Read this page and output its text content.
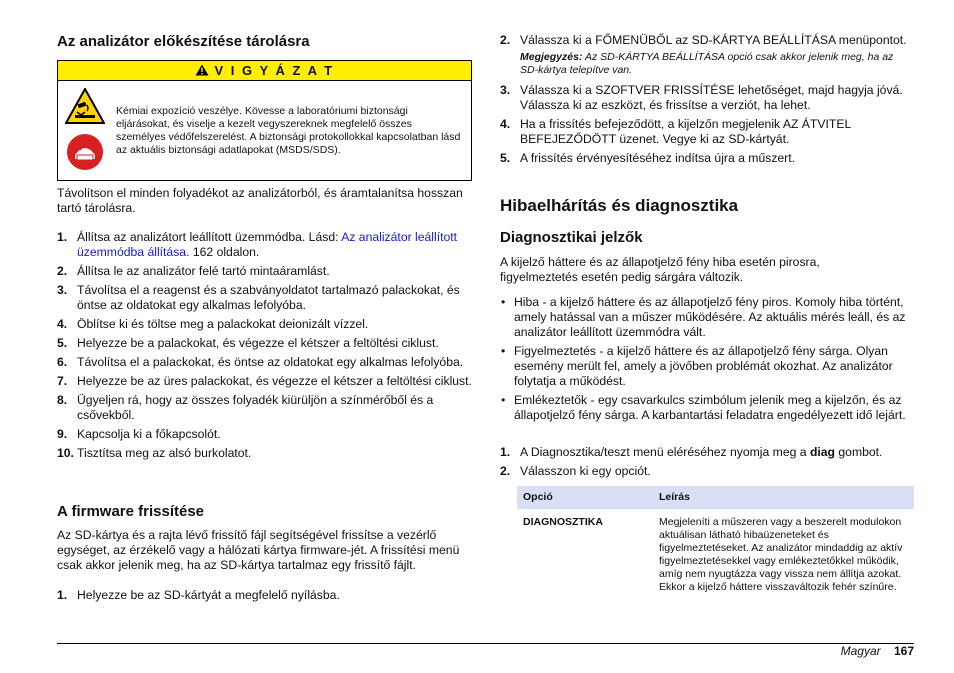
Az analizátor előkészítése tárolásra
V I G Y Á Z A T
Kémiai expozíció veszélye. Kövesse a laboratóriumi biztonsági eljárásokat, és viselje a kezelt vegyszereknek megfelelő összes személyes védőfelszerelést. A biztonsági protokollokkal kapcsolatban lásd az aktuális biztonsági adatlapokat (MSDS/SDS).
Távolítson el minden folyadékot az analizátorból, és áramtalanítsa hosszan tartó tárolásra.
1. Állítsa az analizátort leállított üzemmódba. Lásd: Az analizátor leállított üzemmódba állítása. 162 oldalon.
2. Állítsa le az analizátor felé tartó mintaáramlást.
3. Távolítsa el a reagenst és a szabványoldatot tartalmazó palackokat, és öntse az oldatokat egy alkalmas lefolyóba.
4. Öblítse ki és töltse meg a palackokat deionizált vízzel.
5. Helyezze be a palackokat, és végezze el kétszer a feltöltési ciklust.
6. Távolítsa el a palackokat, és öntse az oldatokat egy alkalmas lefolyóba.
7. Helyezze be az üres palackokat, és végezze el kétszer a feltöltési ciklust.
8. Ügyeljen rá, hogy az összes folyadék kiürüljön a színmérőből és a csővekből.
9. Kapcsolja ki a főkapcsolót.
10. Tisztítsa meg az alsó burkolatot.
A firmware frissítése
Az SD-kártya és a rajta lévő frissítő fájl segítségével frissítse a vezérlő egységet, az érzékelő vagy a hálózati kártya firmware-jét. A frissítési menü csak akkor jelenik meg, ha az SD-kártya tartalmaz egy frissítő fájlt.
1. Helyezze be az SD-kártyát a megfelelő nyílásba.
2. Válassza ki a FŐMENÜBŐL az SD-KÁRTYA BEÁLLÍTÁSA menüpontot.
Megjegyzés: Az SD-KÁRTYA BEÁLLÍTÁSA opció csak akkor jelenik meg, ha az SD-kártya telepítve van.
3. Válassza ki a SZOFTVER FRISSÍTÉSE lehetőséget, majd hagyja jóvá. Válassza ki az eszközt, és frissítse a verziót, ha lehet.
4. Ha a frissítés befejeződött, a kijelzőn megjelenik AZ ÁTVITEL BEFEJEZŐDÖTT üzenet. Vegye ki az SD-kártyát.
5. A frissítés érvényesítéséhez indítsa újra a műszert.
Hibaelhárítás és diagnosztika
Diagnosztikai jelzők
A kijelző háttere és az állapotjelző fény hiba esetén pirosra, figyelmeztetés esetén pedig sárgára változik.
• Hiba - a kijelző háttere és az állapotjelző fény piros. Komoly hiba történt, amely hatással van a műszer működésére. Az aktuális mérés leáll, és az analizátor leállított üzemmódra vált.
• Figyelmeztetés - a kijelző háttere és az állapotjelző fény sárga. Olyan esemény merült fel, amely a jövőben problémát okozhat. Az analizátor folytatja a működést.
• Emlékeztetők - egy csavarkulcs szimbólum jelenik meg a kijelzőn, és az állapotjelző fény sárga. A karbantartási feladatra engedélyezett idő lejárt.
1. A Diagnosztika/teszt menü eléréséhez nyomja meg a diag gombot.
2. Válasszon ki egy opciót.
Opció	Leírás
DIAGNOSZTIKA	Megjeleníti a műszeren vagy a beszerelt modulokon aktuálisan látható hibaüzeneteket és figyelmeztetéseket. Az analizátor mindaddig az aktív figyelmeztetésekkel vagy emlékeztetőkkel működik, amíg nem nyugtázza vagy vissza nem állítja azokat. Ekkor a kijelző háttere visszaváltozik fehér színűre.
Magyar 167
